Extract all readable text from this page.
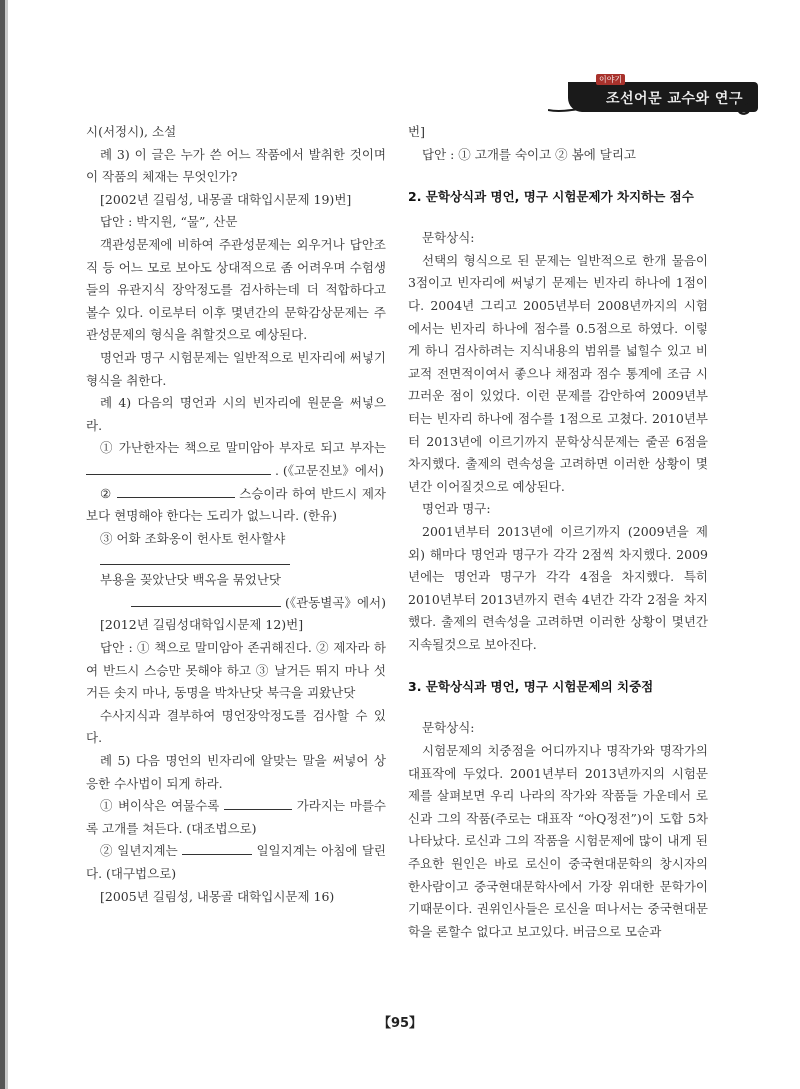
이야기
조선어문 교수와 연구

시(서정시), 소설

례 3) 이 글은 누가 쓴 어느 작품에서 발취한 것이며 이 작품의 체재는 무엇인가?

[2002년 길림성, 내몽골 대학입시문제 19)번]

답안 : 박지원, “물”, 산문

객관성문제에 비하여 주관성문제는 외우거나 답안조직 등 어느 모로 보아도 상대적으로 좀 어려우며 수험생들의 유관지식 장악정도를 검사하는데 더 적합하다고 볼수 있다. 이로부터 이후 몇년간의 문학감상문제는 주관성문제의 형식을 취할것으로 예상된다.

명언과 명구 시험문제는 일반적으로 빈자리에 써넣기 형식을 취한다.

례 4) 다음의 명언과 시의 빈자리에 원문을 써넣으라.

① 가난한자는 책으로 말미암아 부자로 되고 부자는  . (《고문진보》에서)

②	스승이라 하여 반드시 제자보다 현명해야 한다는 도리가 없느니라. (한유)

③ 어화 조화옹이 헌사토 헌사할샤

부용을 꽂았난닷 백옥을 묶었난닷

(《관동별곡》에서)

[2012년 길림성대학입시문제 12)번]

답안 : ① 책으로 말미암아 존귀해진다. ② 제자라 하여 반드시 스승만 못해야 하고 ③ 날거든 뛰지 마나 섯거든 솟지 마나, 동명을 박차난닷 북극을 괴왔난닷

수사지식과 결부하여 명언장악정도를 검사할 수 있다.

례 5) 다음 명언의 빈자리에 알맞는 말을 써넣어 상응한 수사법이 되게 하라.

① 벼이삭은 여물수록	가라지는 마를수록 고개를 쳐든다. (대조법으로)

② 일년지계는	일일지계는 아침에 달린다. (대구법으로)

[2005년 길림성, 내몽골 대학입시문제 16)

번]

답안 : ① 고개를 숙이고 ② 봄에 달리고

2. 문학상식과 명언, 명구 시험문제가 차지하는 점수

문학상식:

선택의 형식으로 된 문제는 일반적으로 한개 물음이 3점이고 빈자리에 써넣기 문제는 빈자리 하나에 1점이다. 2004년 그리고 2005년부터 2008년까지의 시험에서는 빈자리 하나에 점수를 0.5점으로 하였다. 이렇게 하니 검사하려는 지식내용의 범위를 넓힐수 있고 비교적 전면적이여서 좋으나 채점과 점수 통계에 조금 시끄러운 점이 있었다. 이런 문제를 감안하여 2009년부터는 빈자리 하나에 점수를 1점으로 고쳤다. 2010년부터 2013년에 이르기까지 문학상식문제는 줄곧 6점을 차지했다. 출제의 련속성을 고려하면 이러한 상황이 몇년간 이어질것으로 예상된다.

명언과 명구:

2001년부터 2013년에 이르기까지 (2009년을 제외) 해마다 명언과 명구가 각각 2점씩 차지했다. 2009년에는 명언과 명구가 각각 4점을 차지했다. 특히 2010년부터 2013년까지 련속 4년간 각각 2점을 차지했다. 출제의 련속성을 고려하면 이러한 상황이 몇년간 지속될것으로 보아진다.

3. 문학상식과 명언, 명구 시험문제의 치중점

문학상식:

시험문제의 치중점을 어디까지나 명작가와 명작가의 대표작에 두었다. 2001년부터 2013년까지의 시험문제를 살펴보면 우리 나라의 작가와 작품들 가운데서 로신과 그의 작품(주로는 대표작 “아Q정전”)이 도합 5차 나타났다. 로신과 그의 작품을 시험문제에 많이 내게 된 주요한 원인은 바로 로신이 중국현대문학의 창시자의 한사람이고 중국현대문학사에서 가장 위대한 문학가이기때문이다. 권위인사들은 로신을 떠나서는 중국현대문학을 론할수 없다고 보고있다. 버금으로 모순과

【95】
